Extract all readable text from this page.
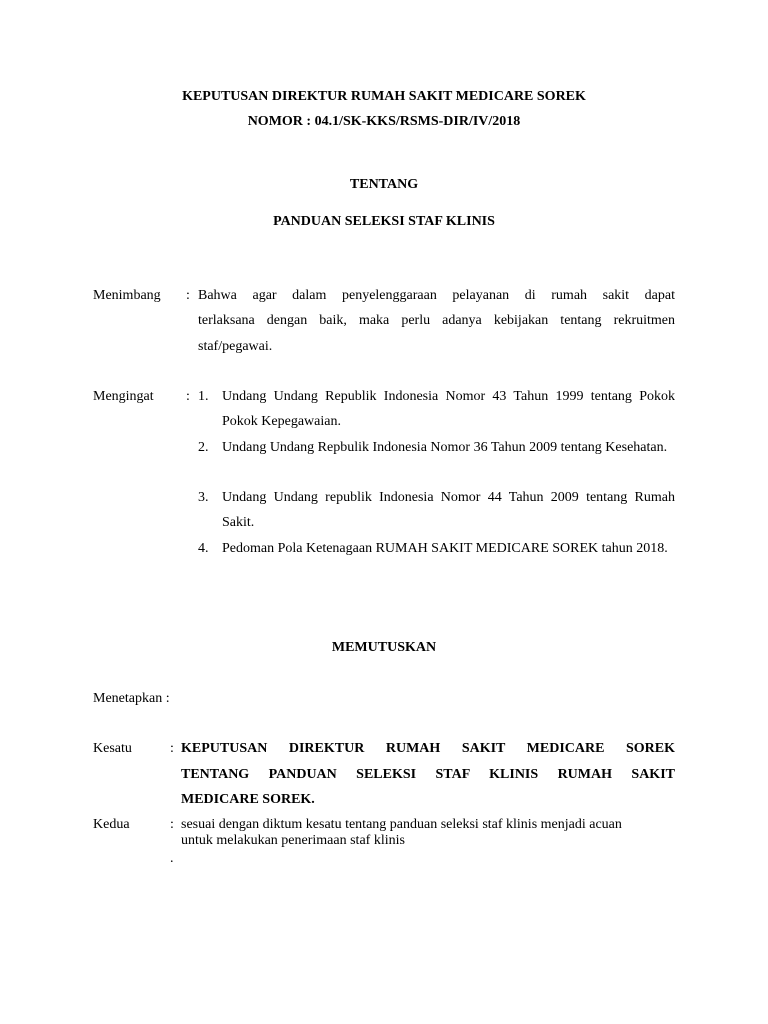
KEPUTUSAN DIREKTUR RUMAH SAKIT MEDICARE SOREK
NOMOR : 04.1/SK-KKS/RSMS-DIR/IV/2018
TENTANG
PANDUAN SELEKSI STAF KLINIS
Menimbang : Bahwa agar dalam penyelenggaraan pelayanan di rumah sakit dapat
terlaksana dengan baik, maka perlu adanya kebijakan tentang rekruitmen
staf/pegawai.
Mengingat : 1. Undang Undang Republik Indonesia Nomor 43 Tahun 1999 tentang Pokok Pokok Kepegawaian.
2. Undang Undang Repbulik Indonesia Nomor 36 Tahun 2009 tentang Kesehatan.
3. Undang Undang republik Indonesia Nomor 44 Tahun 2009 tentang Rumah Sakit.
4. Pedoman Pola Ketenagaan RUMAH SAKIT MEDICARE SOREK tahun 2018.
MEMUTUSKAN
Menetapkan :
Kesatu	: KEPUTUSAN DIREKTUR RUMAH SAKIT MEDICARE SOREK
TENTANG PANDUAN SELEKSI STAF KLINIS RUMAH SAKIT
MEDICARE SOREK.
Kedua	: sesuai dengan diktum kesatu tentang panduan seleksi staf klinis menjadi acuan
untuk melakukan penerimaan staf klinis
.
